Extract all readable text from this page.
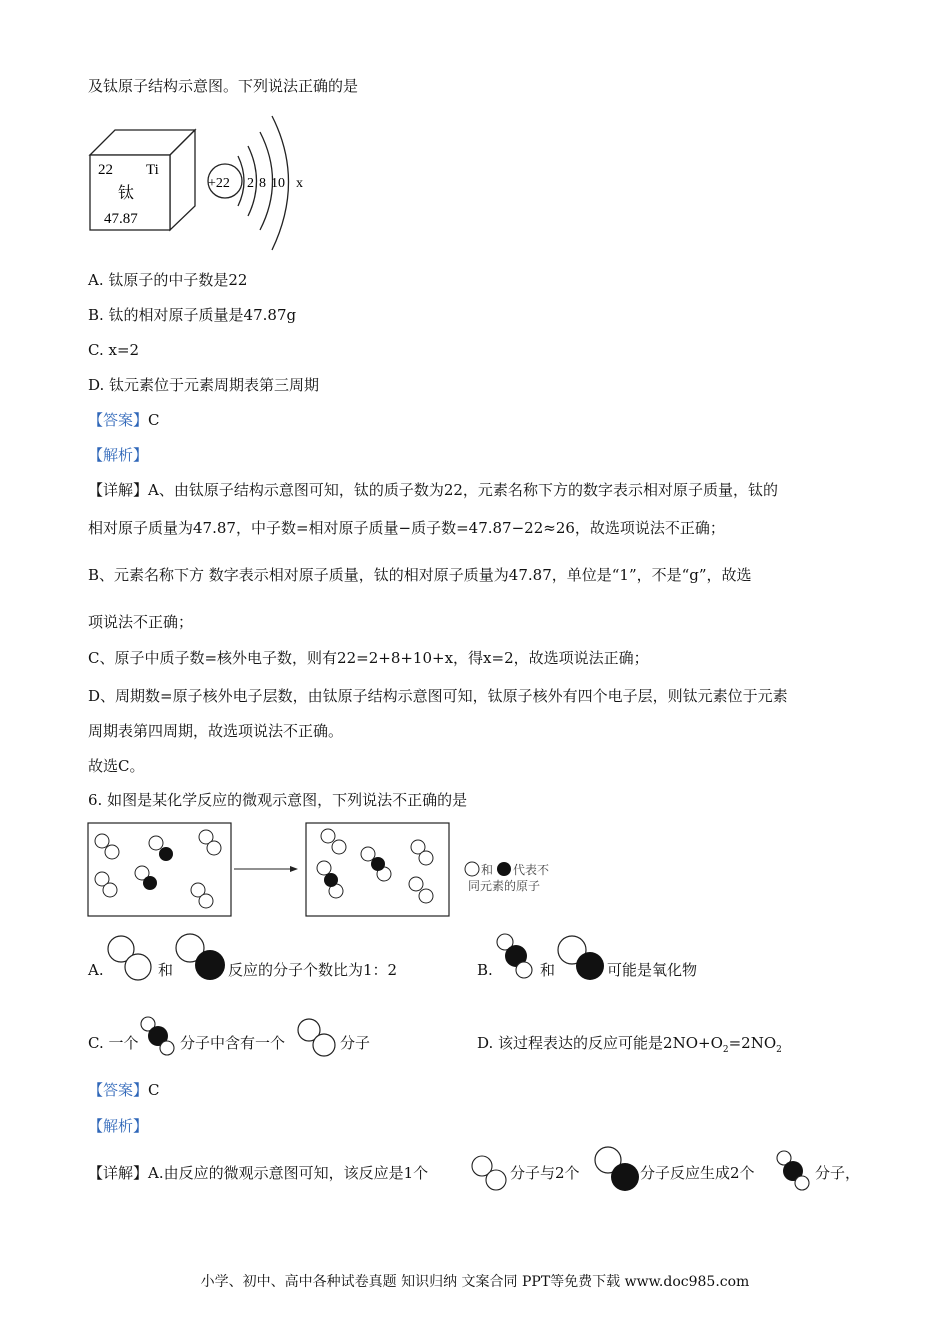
及钛原子结构示意图。下列说法正确的是
22 Ti
钛
47.87
+22 2 8 10 x
A. 钛原子的中子数是22
B. 钛的相对原子质量是47.87g
C. x=2
D. 钛元素位于元素周期表第三周期
【答案】C
【解析】
【详解】A、由钛原子结构示意图可知，钛的质子数为22，元素名称下方的数字表示相对原子质量，钛的
相对原子质量为47.87，中子数=相对原子质量−质子数=47.87−22≈26，故选项说法不正确；
B、元素名称下方 数字表示相对原子质量，钛的相对原子质量为47.87，单位是“1”，不是“g”，故选
项说法不正确；
C、原子中质子数=核外电子数，则有22=2+8+10+x，得x=2，故选项说法正确；
D、周期数=原子核外电子层数，由钛原子结构示意图可知，钛原子核外有四个电子层，则钛元素位于元素
周期表第四周期，故选项说法不正确。
故选C。
6. 如图是某化学反应的微观示意图，下列说法不正确的是
和 代表不
同元素的原子
A.	和	反应的分子个数比为1：2	B.	和	可能是氧化物
C. 一个	分子中含有一个	分子	D. 该过程表达的反应可能是$2NO+O_2=2NO_2$
【答案】C
【解析】
【详解】A.由反应的微观示意图可知，该反应是1个	分子与2个	分子反应生成2个	分子，
小学、初中、高中各种试卷真题 知识归纳 文案合同 PPT等免费下载 www.doc985.com
